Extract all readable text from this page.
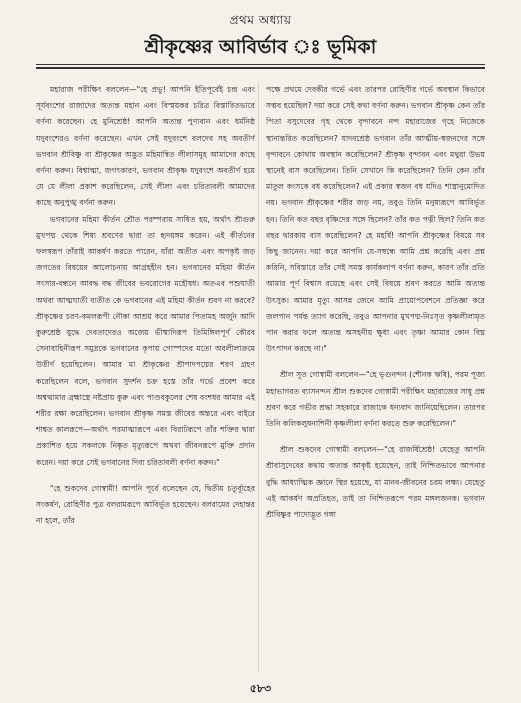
প্রথম অধ্যায়
শ্রীকৃষ্ণের আবির্ভাব ঃ ভূমিকা

মহারাজ পরীক্ষিৎ বললেন—"হে প্রভু! আপনি ইতিপূর্বেই চন্দ্র এবং সূর্যবংশের রাজাদের অত্যন্ত মহান এবং বিস্ময়কর চরিত্র বিস্তারিতভাবে বর্ণনা করেছেন। হে মুনিশ্রেষ্ঠ! আপনি অত্যন্ত পুণ্যবান এবং ধর্মনিষ্ঠ যদুবংশেরও বর্ণনা করেছেন। এখন সেই যদুবংশে বলদেব সহ অবতীর্ণ ভগবান শ্রীবিষ্ণু বা শ্রীকৃষ্ণের অদ্ভুত মহিমান্বিত লীলাসমূহ আমাদের কাছে বর্ণনা করুন। বিশ্বাত্মা, জগৎকারণ, ভগবান শ্রীকৃষ্ণ যদুবংশে অবতীর্ণ হয়ে যে যে লীলা প্রকাশ করেছিলেন, সেই লীলা এবং চরিতাবলী আমাদের কাছে অনুপুঙ্খ বর্ণনা করুন।

ভগবানের মহিমা কীর্তন শ্রৌত পরম্পরায় সাধিত হয়, অর্থাৎ শ্রীগুরু মুখপদ্ম থেকে শিষ্য শ্রবণের দ্বারা তা হৃদয়ঙ্গম করেন। এই কীর্তনের ফলস্বরূপ তাঁরাই আকর্ষণ করতে পারেন, যাঁরা অতীত এবং অপকৃষ্ট জড় জগতের বিষয়ের আলোচনায় আগ্রহহীন হন। ভগবানের মহিমা কীর্তন সংসার-বন্ধনে আবদ্ধ বদ্ধ জীবের ভবরোগের মহৌষধ। অতএব পশুঘাতী অথবা আত্মঘাতী ব্যতীত কে ভগবানের এই মহিমা কীর্তন শ্রবণ না করবে? শ্রীকৃষ্ণের চরণ-কমলরূপী নৌকা আশ্রয় করে আমার পিতামহ অর্জুন আদি কুরুশ্রেষ্ঠ যুদ্ধে দেবতাদেরও অজেয় ভীষ্মাদিরূপ তিমিঙ্গিলপূর্ণ কৌরব সেনাবাহিনীরূপ সমুদ্রকে ভগবানের কৃপায় গোস্পদের মতো অবলীলাক্রমে উত্তীর্ণ হয়েছিলেন। আমার মা শ্রীকৃষ্ণের শ্রীপাদপদ্মের শরণ গ্রহণ করেছিলেন বলে, ভগবান সুদর্শন চক্র হস্তে তাঁর গর্ভে প্রবেশ করে অশ্বত্থামার ব্রহ্মাস্ত্রে নষ্টপ্রায় কুরু এবং পাণ্ডবকুলের শেষ বংশধর আমার এই শরীর রক্ষা করেছিলেন। ভগবান শ্রীকৃষ্ণ সমস্ত জীবের অন্তরে এবং বাইরে শাশ্বত কালরূপে—অর্থাৎ পরমাত্মারূপে এবং বিরাটরূপে তাঁর শক্তির দ্বারা প্রকাশিত হয়ে সকলকে নিষ্কৃত মৃত্যুরূপে অথবা জীবনরূপে মুক্তি প্রদান করেন। দয়া করে সেই ভগবানের দিব্য চরিতাবলী বর্ণনা করুন।"

"হে শুকদেব গোস্বামী! আপনি পূর্বে বলেছেন যে, দ্বিতীয় চতুর্ব্যূহের সংকর্ষণ, রোহিণীর পুত্র বলরামরূপে আবির্ভূত হয়েছেন। বলরামের দেহান্তর না হলে, তাঁর

পক্ষে প্রথমে দেবকীর গর্ভে এবং তারপর রোহিণীর গর্ভে অবস্থান কিভাবে সম্ভব হয়েছিল? দয়া করে সেই কথা বর্ণনা করুন। ভগবান শ্রীকৃষ্ণ কেন তাঁর পিতা বসুদেবের গৃহ থেকে বৃন্দাবনে নন্দ মহারাজের গৃহে নিজেকে স্থানান্তরিত করেছিলেন? যাদবশ্রেষ্ঠ ভগবান তাঁর আত্মীয়-স্বজনদের সঙ্গে বৃন্দাবনে কোথায় অবস্থান করেছিলেন? শ্রীকৃষ্ণ বৃন্দাবন এবং মথুরা উভয় স্থানেই বাস করেছিলেন। তিনি সেখানে কি করেছিলেন? তিনি কেন তাঁর মাতুল কংসকে বধ করেছিলেন? এই প্রকার স্বজন বধ যদিও শাস্ত্রানুমোদিত নয়। ভগবান শ্রীকৃষ্ণের শরীর জড় নয়, তবুও তিনি মনুষ্যরূপে আবির্ভূত হন। তিনি কত বছর বৃষ্ণিদের সঙ্গে ছিলেন? তাঁর কত পত্নী ছিল? তিনি কত বছর দ্বারকায় বাস করেছিলেন? হে মহর্ষি! আপনি শ্রীকৃষ্ণের বিষয়ে সব কিছু জানেন। দয়া করে আপনি যে-সম্বন্ধে আমি প্রশ্ন করেছি এবং প্রশ্ন করিনি, সবিস্তারে তাঁর সেই সমস্ত কার্যকলাপ বর্ণনা করুন, কারণ তাঁর প্রতি আমার পূর্ণ বিশ্বাস রয়েছে এবং সেই বিষয়ে শ্রবণ করতে আমি অত্যন্ত উৎসুক। আমার মৃত্যু আসন্ন জেনে আমি প্রায়োপবেশনে প্রতিজ্ঞা করে জলপান পর্যন্ত ত্যাগ করেছি, তবুও আপনার মুখপদ্ম-নিঃসৃত কৃষ্ণলীলামৃত পান করার ফলে অত্যন্ত অসহনীয় ক্ষুধা এবং তৃষ্ণা আমার কোন বিঘ্ন উৎপাদন করছে না।"

শ্রীল সূত গোস্বামী বললেন—"হে ভৃগুনন্দন (শৌনক ঋষি), পরম পূজ্য মহাভাগবত ব্যাসনন্দন শ্রীল শুকদেব গোস্বামী পরীক্ষিৎ মহারাজের সাধু প্রশ্ন শ্রবণ করে গভীর শ্রদ্ধা সহকারে রাজাকে ধন্যবাদ জানিয়েছিলেন। তারপর তিনি কলিকলুষনাশিনী কৃষ্ণলীলা বর্ণনা করতে শুরু করেছিলেন।"

শ্রীল শুকদেব গোস্বামী বললেন—"হে রাজর্ষিশ্রেষ্ঠ! যেহেতু আপনি শ্রীবাসুদেবের কথায় অত্যন্ত আকৃষ্ট হয়েছেন, তাই নিশ্চিতভাবে আপনার বুদ্ধি আধ্যাত্মিক জ্ঞানে স্থির হয়েছে, যা মানব-জীবনের চরম লক্ষ্য। যেহেতু এই আকর্ষণ অপ্রতিহত, তাই তা নিশ্চিতরূপে পরম মঙ্গলজনক। ভগবান শ্রীবিষ্ণুর পাদোদ্ভূত গঙ্গা

৫৮৩
